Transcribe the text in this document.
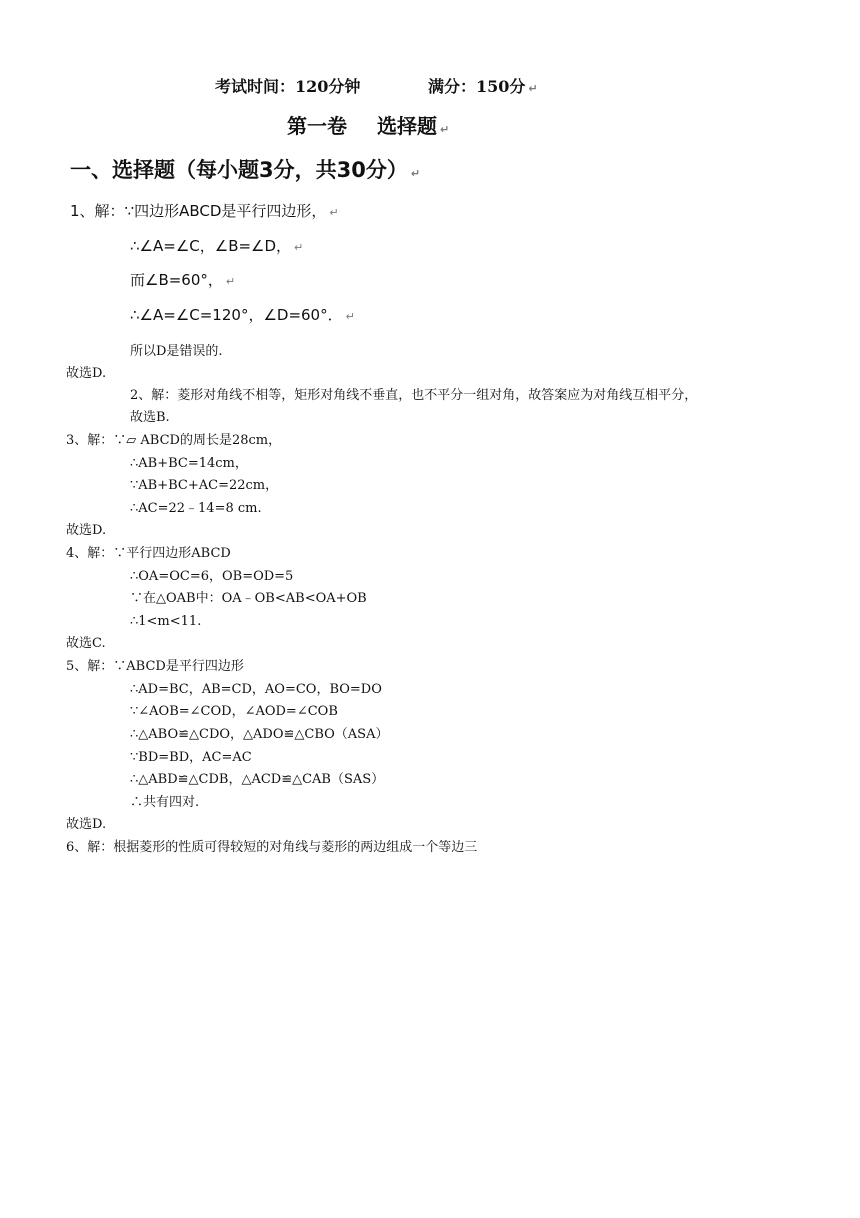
考试时间：120分钟	满分：150分 ↵
第一卷 选择题 ↵
一、选择题（每小题3分，共30分） ↵
1、解：∵四边形ABCD是平行四边形， ↵
∴∠A=∠C，∠B=∠D， ↵
而∠B=60°， ↵
∴∠A=∠C=120°，∠D=60°． ↵
所以D是错误的.
故选D.
2、解：菱形对角线不相等，矩形对角线不垂直，也不平分一组对角，故答案应为对角线互相平分，
故选B.
3、解：∵▱ ABCD的周长是28cm，
∴AB+BC=14cm，
∵AB+BC+AC=22cm，
∴AC=22﹣14=8 cm.
故选D.
4、解：∵平行四边形ABCD
∴OA=OC=6，OB=OD=5
∵在△OAB中：OA﹣OB<AB<OA+OB
∴1<m<11.
故选C.
5、解：∵ABCD是平行四边形
∴AD=BC，AB=CD，AO=CO，BO=DO
∵∠AOB=∠COD，∠AOD=∠COB
∴△ABO≌△CDO，△ADO≌△CBO（ASA）
∵BD=BD，AC=AC
∴△ABD≌△CDB，△ACD≌△CAB（SAS）
∴共有四对.
故选D.
6、解：根据菱形的性质可得较短的对角线与菱形的两边组成一个等边三
